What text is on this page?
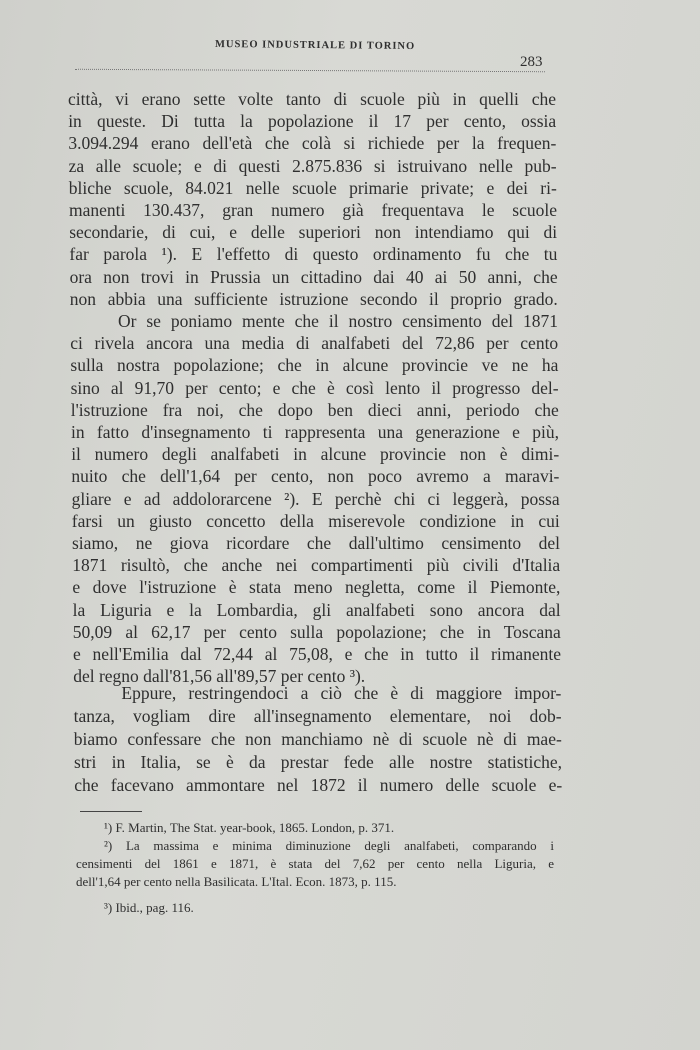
MUSEO INDUSTRIALE DI TORINO
283
città, vi erano sette volte tanto di scuole più in quelli che
in queste. Di tutta la popolazione il 17 per cento, ossia
3.094.294 erano dell'età che colà si richiede per la frequen-
za alle scuole; e di questi 2.875.836 si istruivano nelle pub-
bliche scuole, 84.021 nelle scuole primarie private; e dei ri-
manenti 130.437, gran numero già frequentava le scuole
secondarie, di cui, e delle superiori non intendiamo qui di
far parola ¹). E l'effetto di questo ordinamento fu che tu
ora non trovi in Prussia un cittadino dai 40 ai 50 anni, che
non abbia una sufficiente istruzione secondo il proprio grado.
Or se poniamo mente che il nostro censimento del 1871
ci rivela ancora una media di analfabeti del 72,86 per cento
sulla nostra popolazione; che in alcune provincie ve ne ha
sino al 91,70 per cento; e che è così lento il progresso del-
l'istruzione fra noi, che dopo ben dieci anni, periodo che
in fatto d'insegnamento ti rappresenta una generazione e più,
il numero degli analfabeti in alcune provincie non è dimi-
nuito che dell'1,64 per cento, non poco avremo a maravi-
gliare e ad addolorarcene ²). E perchè chi ci leggerà, possa
farsi un giusto concetto della miserevole condizione in cui
siamo, ne giova ricordare che dall'ultimo censimento del
1871 risultò, che anche nei compartimenti più civili d'Italia
e dove l'istruzione è stata meno negletta, come il Piemonte,
la Liguria e la Lombardia, gli analfabeti sono ancora dal
50,09 al 62,17 per cento sulla popolazione; che in Toscana
e nell'Emilia dal 72,44 al 75,08, e che in tutto il rimanente
del regno dall'81,56 all'89,57 per cento ³).
Eppure, restringendoci a ciò che è di maggiore impor-
tanza, vogliam dire all'insegnamento elementare, noi dob-
biamo confessare che non manchiamo nè di scuole nè di mae-
stri in Italia, se è da prestar fede alle nostre statistiche,
che facevano ammontare nel 1872 il numero delle scuole e-
¹) F. Martin, The Stat. year-book, 1865. London, p. 371.
²) La massima e minima diminuzione degli analfabeti, comparando i
censimenti del 1861 e 1871, è stata del 7,62 per cento nella Liguria, e
dell'1,64 per cento nella Basilicata. L'Ital. Econ. 1873, p. 115.
³) Ibid., pag. 116.
